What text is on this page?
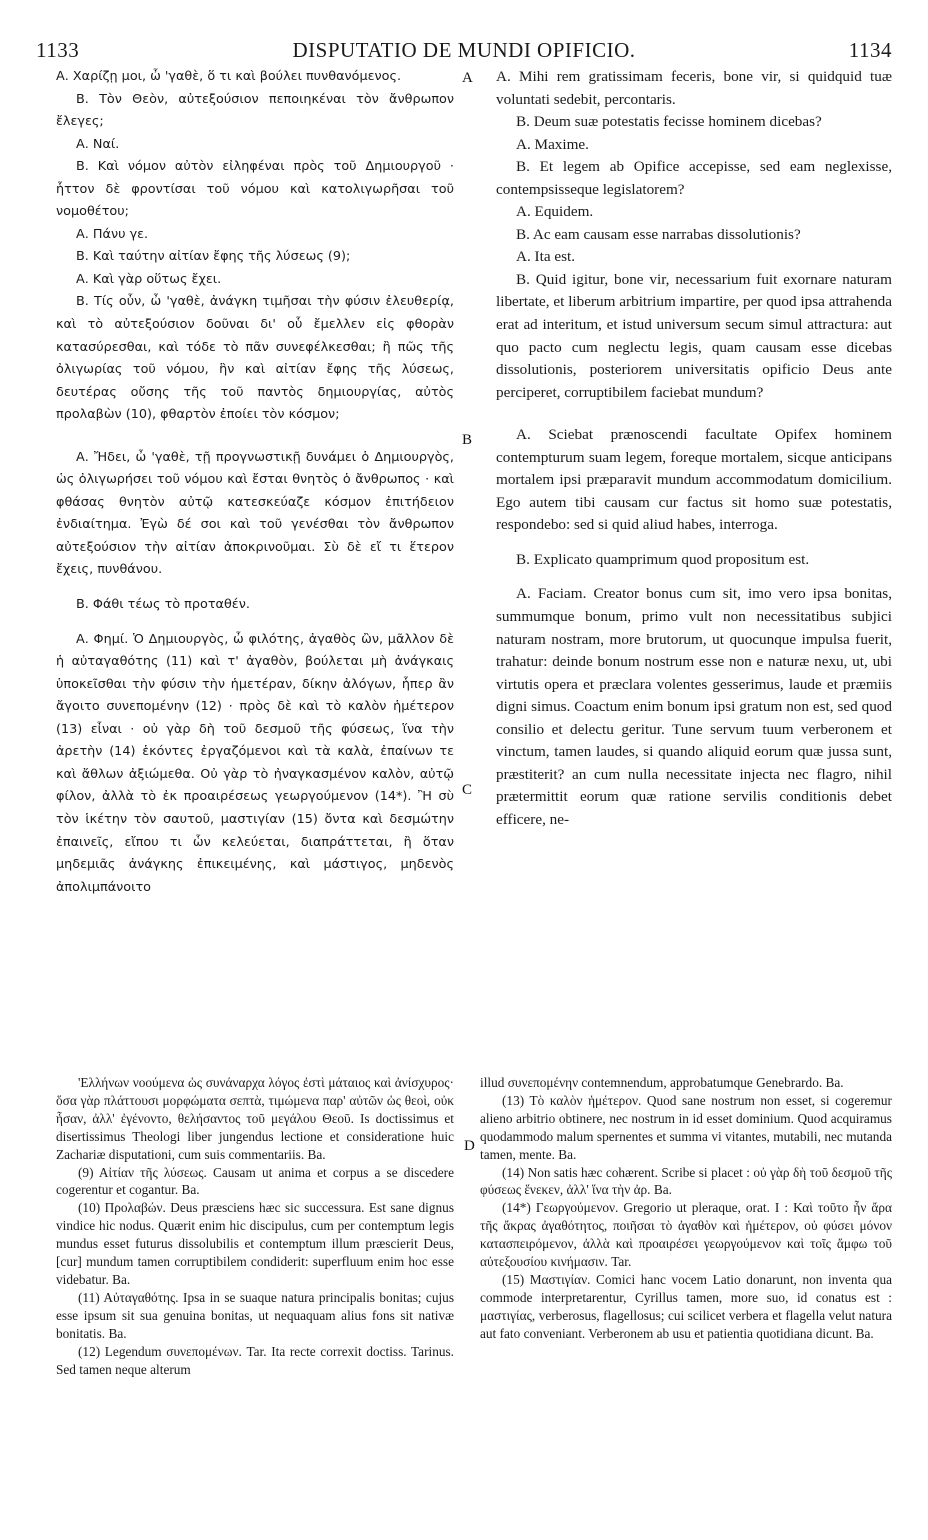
1133	DISPUTATIO DE MUNDI OPIFICIO.	1134
A
B
C
D

Α. Χαρίζῃ μοι, ὦ 'γαθὲ, ὅ τι καὶ βούλει πυνθανόμενος.

Β. Τὸν Θεὸν, αὐτεξούσιον πεποιηκέναι τὸν ἄνθρωπον ἔλεγες;

Α. Ναί.

Β. Καὶ νόμον αὐτὸν εἰληφέναι πρὸς τοῦ Δημιουργοῦ · ἧττον δὲ φροντίσαι τοῦ νόμου καὶ κατολιγωρῆσαι τοῦ νομοθέτου;

Α. Πάνυ γε.

Β. Καὶ ταύτην αἰτίαν ἔφης τῆς λύσεως (9);

Α. Καὶ γὰρ οὕτως ἔχει.

Β. Τίς οὖν, ὦ 'γαθὲ, ἀνάγκη τιμῆσαι τὴν φύσιν ἐλευθερίᾳ, καὶ τὸ αὐτεξούσιον δοῦναι δι' οὗ ἔμελλεν εἰς φθορὰν κατασύρεσθαι, καὶ τόδε τὸ πᾶν συνεφέλκεσθαι; ἢ πῶς τῆς ὀλιγωρίας τοῦ νόμου, ἣν καὶ αἰτίαν ἔφης τῆς λύσεως, δευτέρας οὔσης τῆς τοῦ παντὸς δημιουργίας, αὐτὸς προλαβὼν (10), φθαρτὸν ἐποίει τὸν κόσμον;

Α. Ἤδει, ὦ 'γαθὲ, τῇ προγνωστικῇ δυνάμει ὁ Δημιουργὸς, ὡς ὀλιγωρήσει τοῦ νόμου καὶ ἔσται θνητὸς ὁ ἄνθρωπος · καὶ φθάσας θνητὸν αὐτῷ κατεσκεύαζε κόσμον ἐπιτήδειον ἐνδιαίτημα. Ἐγὼ δέ σοι καὶ τοῦ γενέσθαι τὸν ἄνθρωπον αὐτεξούσιον τὴν αἰτίαν ἀποκρινοῦμαι. Σὺ δὲ εἴ τι ἕτερον ἔχεις, πυνθάνου.

Β. Φάθι τέως τὸ προταθέν.

Α. Φημί. Ὁ Δημιουργὸς, ὦ φιλότης, ἀγαθὸς ὢν, μᾶλλον δὲ ἡ αὐταγαθότης (11) καὶ τ' ἀγαθὸν, βούλεται μὴ ἀνάγκαις ὑποκεῖσθαι τὴν φύσιν τὴν ἡμετέραν, δίκην ἀλόγων, ἧπερ ἂν ἄγοιτο συνεπομένην (12) · πρὸς δὲ καὶ τὸ καλὸν ἡμέτερον (13) εἶναι · οὐ γὰρ δὴ τοῦ δεσμοῦ τῆς φύσεως, ἵνα τὴν ἀρετὴν (14) ἑκόντες ἐργαζόμενοι καὶ τὰ καλὰ, ἐπαίνων τε καὶ ἄθλων ἀξιώμεθα. Οὐ γὰρ τὸ ἠναγκασμένον καλὸν, αὐτῷ φίλον, ἀλλὰ τὸ ἐκ προαιρέσεως γεωργούμενον (14*). Ἢ σὺ τὸν ἱκέτην τὸν σαυτοῦ, μαστιγίαν (15) ὄντα καὶ δεσμώτην ἐπαινεῖς, εἴπου τι ὧν κελεύεται, διαπράττεται, ἢ ὅταν μηδεμιᾶς ἀνάγκης ἐπικειμένης, καὶ μάστιγος, μηδενὸς ἀπολιμπάνοιτο

A. Mihi rem gratissimam feceris, bone vir, si quidquid tuæ voluntati sedebit, percontaris.

B. Deum suæ potestatis fecisse hominem dicebas?

A. Maxime.

B. Et legem ab Opifice accepisse, sed eam neglexisse, contempsisseque legislatorem?

A. Equidem.

B. Ac eam causam esse narrabas dissolutionis?

A. Ita est.

B. Quid igitur, bone vir, necessarium fuit exornare naturam libertate, et liberum arbitrium impartire, per quod ipsa attrahenda erat ad interitum, et istud universum secum simul attractura: aut quo pacto cum neglectu legis, quam causam esse dicebas dissolutionis, posteriorem universitatis opificio Deus ante perciperet, corruptibilem faciebat mundum?

A. Sciebat prænoscendi facultate Opifex hominem contempturum suam legem, foreque mortalem, sicque anticipans mortalem ipsi præparavit mundum accommodatum domicilium. Ego autem tibi causam cur factus sit homo suæ potestatis, respondebo: sed si quid aliud habes, interroga.

B. Explicato quamprimum quod propositum est.

A. Faciam. Creator bonus cum sit, imo vero ipsa bonitas, summumque bonum, primo vult non necessitatibus subjici naturam nostram, more brutorum, ut quocunque impulsa fuerit, trahatur: deinde bonum nostrum esse non e naturæ nexu, ut, ubi virtutis opera et præclara volentes gesserimus, laude et præmiis digni simus. Coactum enim bonum ipsi gratum non est, sed quod consilio et delectu geritur. Tune servum tuum verberonem et vinctum, tamen laudes, si quando aliquid eorum quæ jussa sunt, præstiterit? an cum nulla necessitate injecta nec flagro, nihil prætermittit eorum quæ ratione servilis conditionis debet efficere, ne-

'Ελλήνων νοούμενα ὡς συνάναρχα λόγος ἐστὶ μάταιος καὶ ἀνίσχυρος· ὅσα γὰρ πλάττουσι μορφώματα σεπτὰ, τιμώμενα παρ' αὐτῶν ὡς θεοὶ, οὐκ ἦσαν, ἀλλ' ἐγένοντο, θελήσαντος τοῦ μεγάλου Θεοῦ. Is doctissimus et disertissimus Theologi liber jungendus lectione et consideratione huic Zachariæ disputationi, cum suis commentariis. Ba.

(9) Αἰτίαν τῆς λύσεως. Causam ut anima et corpus a se discedere cogerentur et cogantur. Ba.

(10) Προλαβών. Deus præsciens hæc sic successura. Est sane dignus vindice hic nodus. Quærit enim hic discipulus, cum per contemptum legis mundus esset futurus dissolubilis et contemptum illum præscierit Deus, [cur] mundum tamen corruptibilem condiderit: superfluum enim hoc esse videbatur. Ba.

(11) Αὐταγαθότης. Ipsa in se suaque natura principalis bonitas; cujus esse ipsum sit sua genuina bonitas, ut nequaquam alius fons sit nativæ bonitatis. Ba.

(12) Legendum συνεπομένων. Tar. Ita recte correxit doctiss. Tarinus. Sed tamen neque alterum

illud συνεπομένην contemnendum, approbatumque Genebrardo. Ba.

(13) Τὸ καλὸν ἡμέτερον. Quod sane nostrum non esset, si cogeremur alieno arbitrio obtinere, nec nostrum in id esset dominium. Quod acquiramus quodammodo malum spernentes et summa vi vitantes, mutabili, nec mutanda tamen, mente. Ba.

(14) Non satis hæc cohærent. Scribe si placet : οὐ γὰρ δὴ τοῦ δεσμοῦ τῆς φύσεως ἕνεκεν, ἀλλ' ἵνα τὴν ἀρ. Ba.

(14*) Γεωργούμενον. Gregorio ut pleraque, orat. I : Καὶ τοῦτο ἦν ἄρα τῆς ἄκρας ἀγαθότητος, ποιῆσαι τὸ ἀγαθὸν καὶ ἡμέτερον, οὐ φύσει μόνον κατασπειρόμενον, ἀλλὰ καὶ προαιρέσει γεωργούμενον καὶ τοῖς ἄμφω τοῦ αὐτεξουσίου κινήμασιν. Tar.

(15) Μαστιγίαν. Comici hanc vocem Latio donarunt, non inventa qua commode interpretarentur, Cyrillus tamen, more suo, id conatus est : μαστιγίας, verberosus, flagellosus; cui scilicet verbera et flagella velut natura aut fato conveniant. Verberonem ab usu et patientia quotidiana dicunt. Ba.
